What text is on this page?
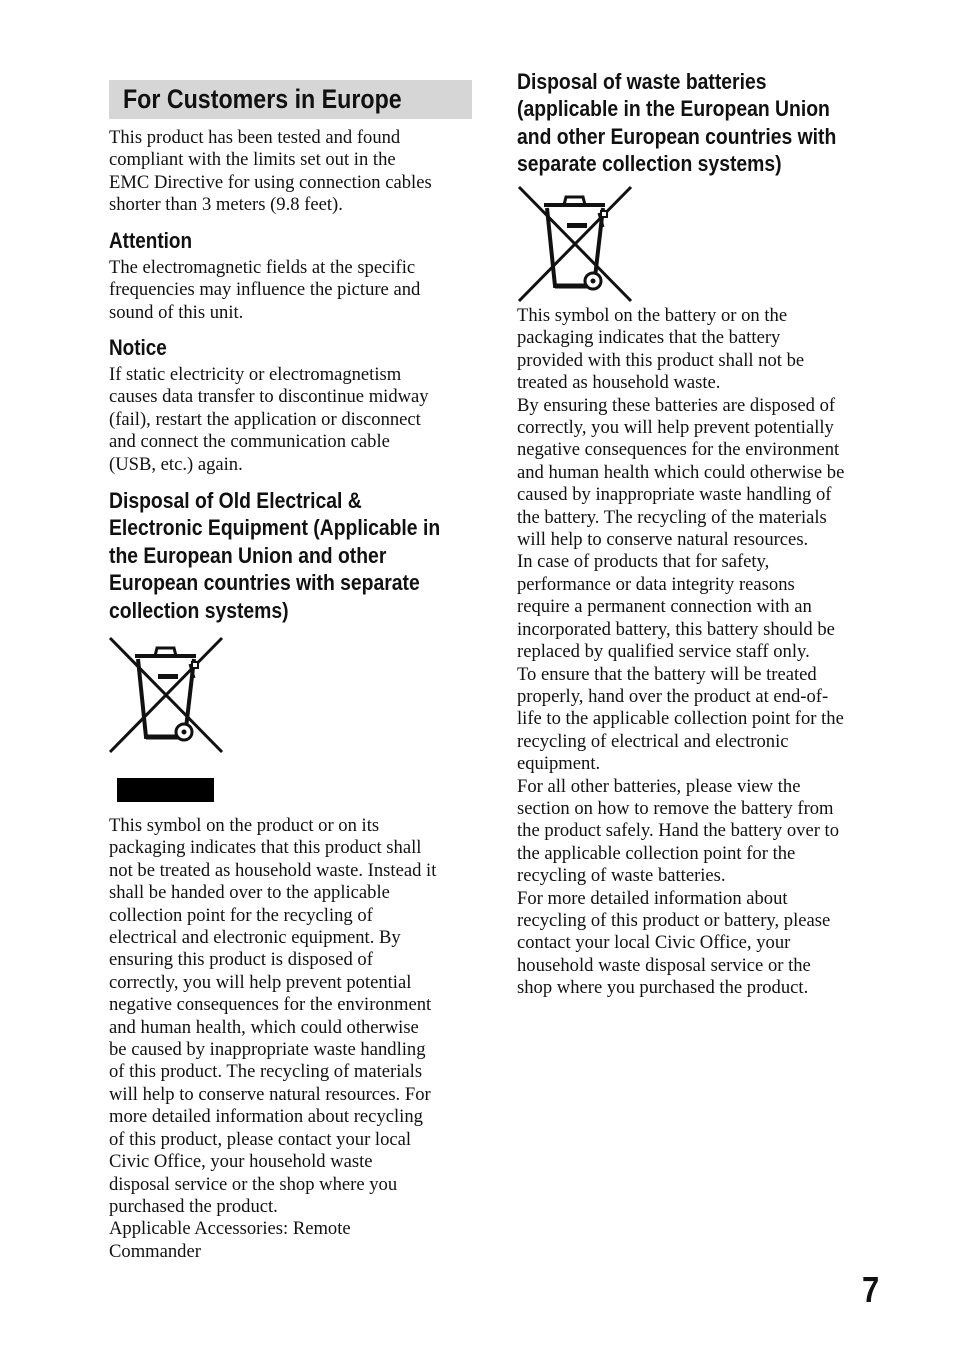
For Customers in Europe

This product has been tested and found

compliant with the limits set out in the

EMC Directive for using connection cables

shorter than 3 meters (9.8 feet).

Attention

The electromagnetic fields at the specific

frequencies may influence the picture and

sound of this unit.

Notice

If static electricity or electromagnetism

causes data transfer to discontinue midway

(fail), restart the application or disconnect

and connect the communication cable

(USB, etc.) again.

Disposal of Old Electrical &
Electronic Equipment (Applicable in
the European Union and other
European countries with separate
collection systems)

This symbol on the product or on its

packaging indicates that this product shall

not be treated as household waste. Instead it

shall be handed over to the applicable

collection point for the recycling of

electrical and electronic equipment. By

ensuring this product is disposed of

correctly, you will help prevent potential

negative consequences for the environment

and human health, which could otherwise

be caused by inappropriate waste handling

of this product. The recycling of materials

will help to conserve natural resources. For

more detailed information about recycling

of this product, please contact your local

Civic Office, your household waste

disposal service or the shop where you

purchased the product.

Applicable Accessories: Remote

Commander

Disposal of waste batteries
(applicable in the European Union
and other European countries with
separate collection systems)

This symbol on the battery or on the

packaging indicates that the battery

provided with this product shall not be

treated as household waste.

By ensuring these batteries are disposed of

correctly, you will help prevent potentially

negative consequences for the environment

and human health which could otherwise be

caused by inappropriate waste handling of

the battery. The recycling of the materials

will help to conserve natural resources.

In case of products that for safety,

performance or data integrity reasons

require a permanent connection with an

incorporated battery, this battery should be

replaced by qualified service staff only.

To ensure that the battery will be treated

properly, hand over the product at end-of-

life to the applicable collection point for the

recycling of electrical and electronic

equipment.

For all other batteries, please view the

section on how to remove the battery from

the product safely. Hand the battery over to

the applicable collection point for the

recycling of waste batteries.

For more detailed information about

recycling of this product or battery, please

contact your local Civic Office, your

household waste disposal service or the

shop where you purchased the product.

7
